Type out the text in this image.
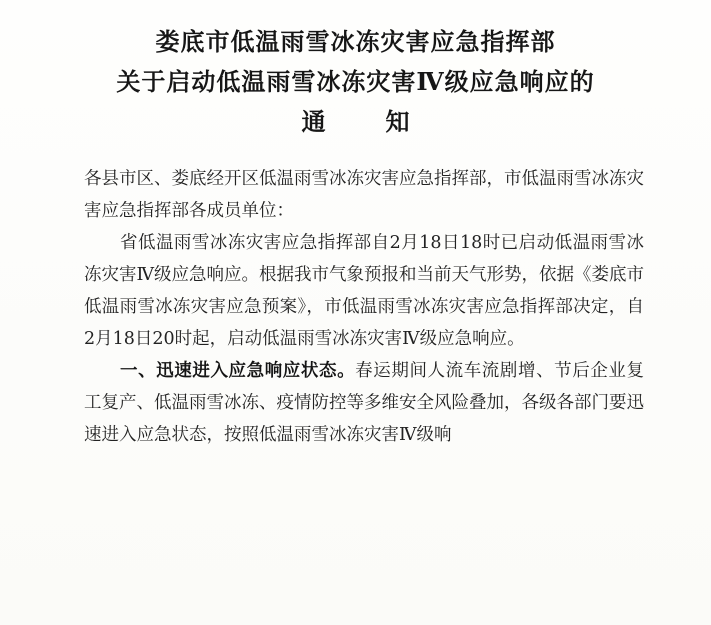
娄底市低温雨雪冰冻灾害应急指挥部
关于启动低温雨雪冰冻灾害Ⅳ级应急响应的
通　知

各县市区、娄底经开区低温雨雪冰冻灾害应急指挥部，市低温雨雪冰冻灾害应急指挥部各成员单位：

省低温雨雪冰冻灾害应急指挥部自2月18日18时已启动低温雨雪冰冻灾害Ⅳ级应急响应。根据我市气象预报和当前天气形势，依据《娄底市低温雨雪冰冻灾害应急预案》，市低温雨雪冰冻灾害应急指挥部决定，自2月18日20时起，启动低温雨雪冰冻灾害Ⅳ级应急响应。

一、迅速进入应急响应状态。春运期间人流车流剧增、节后企业复工复产、低温雨雪冰冻、疫情防控等多维安全风险叠加，各级各部门要迅速进入应急状态，按照低温雨雪冰冻灾害Ⅳ级响
